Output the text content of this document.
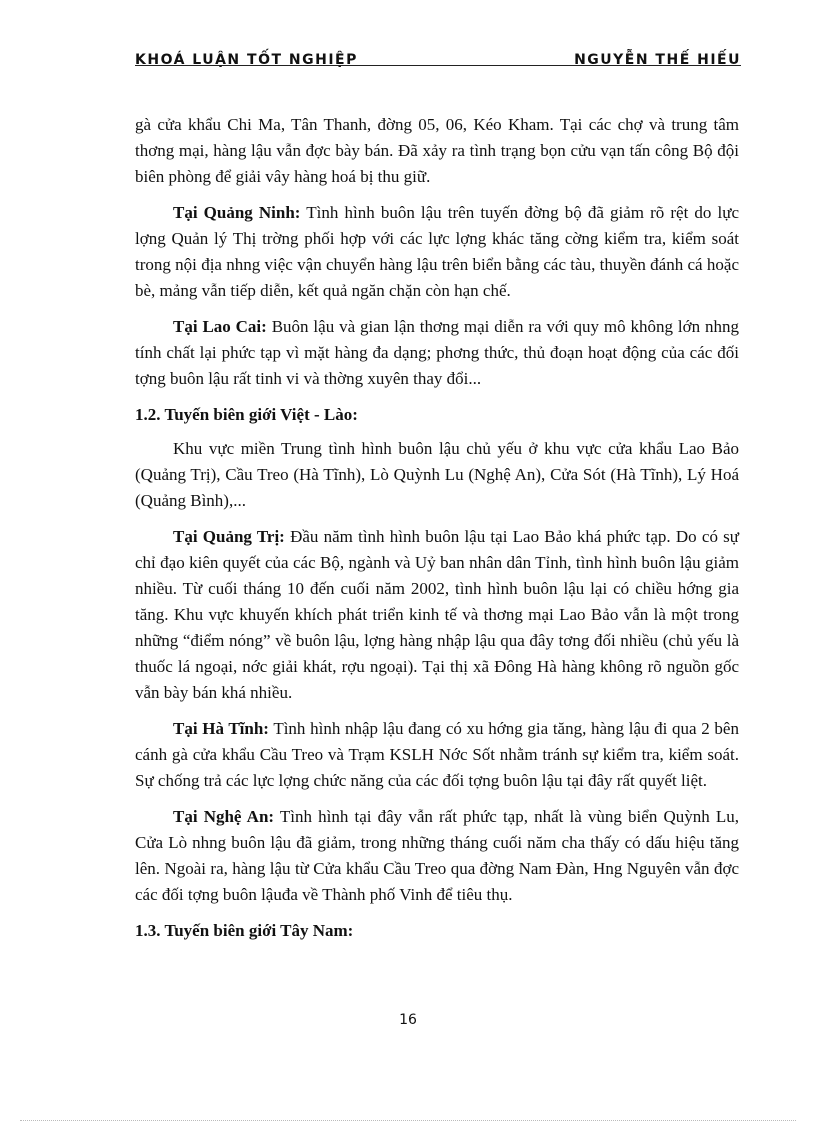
KHOÁ LUẬN TỐT NGHIỆP	NGUYỄN THẾ HIẾU

gà cửa khẩu Chi Ma, Tân Thanh, đờng 05, 06, Kéo Kham. Tại các chợ và trung tâm thơng mại, hàng lậu vẫn đợc bày bán. Đã xảy ra tình trạng bọn cửu vạn tấn công Bộ đội biên phòng để giải vây hàng hoá bị thu giữ.

Tại Quảng Ninh: Tình hình buôn lậu trên tuyến đờng bộ đã giảm rõ rệt do lực lợng Quản lý Thị trờng phối hợp với các lực lợng khác tăng cờng kiểm tra, kiểm soát trong nội địa nhng việc vận chuyển hàng lậu trên biển bằng các tàu, thuyền đánh cá hoặc bè, mảng vẫn tiếp diễn, kết quả ngăn chặn còn hạn chế.

Tại Lao Cai: Buôn lậu và gian lận thơng mại diễn ra với quy mô không lớn nhng tính chất lại phức tạp vì mặt hàng đa dạng; phơng thức, thủ đoạn hoạt động của các đối tợng buôn lậu rất tinh vi và thờng xuyên thay đổi...

1.2. Tuyến biên giới Việt - Lào:

Khu vực miền Trung tình hình buôn lậu chủ yếu ở khu vực cửa khẩu Lao Bảo (Quảng Trị), Cầu Treo (Hà Tĩnh), Lò Quỳnh Lu (Nghệ An), Cửa Sót (Hà Tĩnh), Lý Hoá (Quảng Bình),...

Tại Quảng Trị: Đầu năm tình hình buôn lậu tại Lao Bảo khá phức tạp. Do có sự chỉ đạo kiên quyết của các Bộ, ngành và Uỷ ban nhân dân Tỉnh, tình hình buôn lậu giảm nhiều. Từ cuối tháng 10 đến cuối năm 2002, tình hình buôn lậu lại có chiều hớng gia tăng. Khu vực khuyến khích phát triển kinh tế và thơng mại Lao Bảo vẫn là một trong những “điểm nóng” về buôn lậu, lợng hàng nhập lậu qua đây tơng đối nhiều (chủ yếu là thuốc lá ngoại, nớc giải khát, rợu ngoại). Tại thị xã Đông Hà hàng không rõ nguồn gốc vẫn bày bán khá nhiều.

Tại Hà Tĩnh: Tình hình nhập lậu đang có xu hớng gia tăng, hàng lậu đi qua 2 bên cánh gà cửa khẩu Cầu Treo và Trạm KSLH Nớc Sốt nhằm tránh sự kiểm tra, kiểm soát. Sự chống trả các lực lợng chức năng của các đối tợng buôn lậu tại đây rất quyết liệt.

Tại Nghệ An: Tình hình tại đây vẫn rất phức tạp, nhất là vùng biển Quỳnh Lu, Cửa Lò nhng buôn lậu đã giảm, trong những tháng cuối năm cha thấy có dấu hiệu tăng lên. Ngoài ra, hàng lậu từ Cửa khẩu Cầu Treo qua đờng Nam Đàn, Hng Nguyên vẫn đợc các đối tợng buôn lậuđa về Thành phố Vinh để tiêu thụ.

1.3. Tuyến biên giới Tây Nam:
16
